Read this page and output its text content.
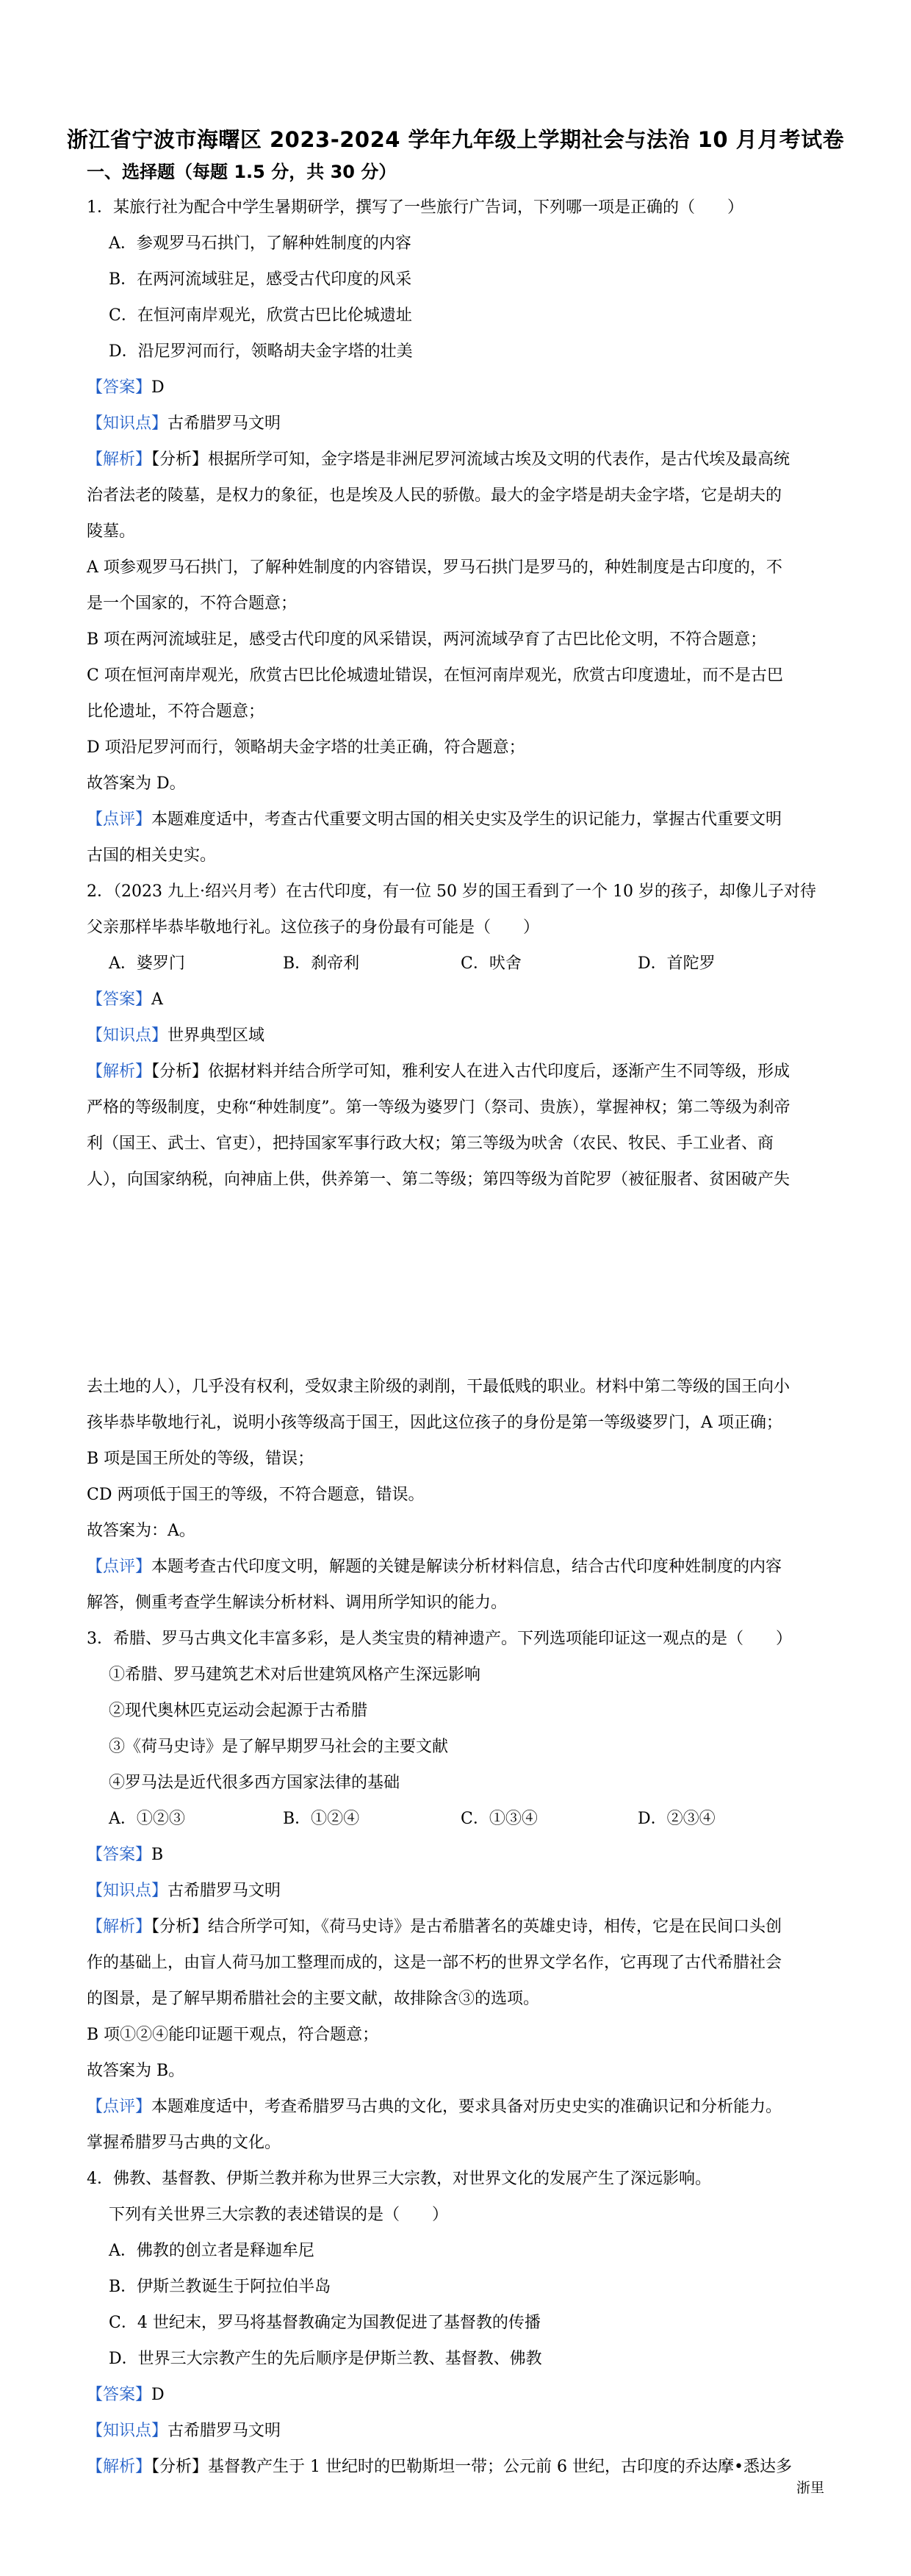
浙江省宁波市海曙区 2023-2024 学年九年级上学期社会与法治 10 月月考试卷
一、选择题（每题 1.5 分，共 30 分）
1．某旅行社为配合中学生暑期研学，撰写了一些旅行广告词，下列哪一项是正确的（　　）
A．参观罗马石拱门，了解种姓制度的内容
B．在两河流域驻足，感受古代印度的风采
C．在恒河南岸观光，欣赏古巴比伦城遗址
D．沿尼罗河而行，领略胡夫金字塔的壮美
【答案】D
【知识点】古希腊罗马文明
【解析】【分析】根据所学可知，金字塔是非洲尼罗河流域古埃及文明的代表作，是古代埃及最高统
治者法老的陵墓，是权力的象征，也是埃及人民的骄傲。最大的金字塔是胡夫金字塔，它是胡夫的
陵墓。
A 项参观罗马石拱门，了解种姓制度的内容错误，罗马石拱门是罗马的，种姓制度是古印度的，不
是一个国家的，不符合题意；
B 项在两河流域驻足，感受古代印度的风采错误，两河流域孕育了古巴比伦文明，不符合题意；
C 项在恒河南岸观光，欣赏古巴比伦城遗址错误，在恒河南岸观光，欣赏古印度遗址，而不是古巴
比伦遗址，不符合题意；
D 项沿尼罗河而行，领略胡夫金字塔的壮美正确，符合题意；
故答案为 D。
【点评】本题难度适中，考查古代重要文明古国的相关史实及学生的识记能力，掌握古代重要文明
古国的相关史实。
2．（2023 九上·绍兴月考）在古代印度，有一位 50 岁的国王看到了一个 10 岁的孩子，却像儿子对待
父亲那样毕恭毕敬地行礼。这位孩子的身份最有可能是（　　）
A．婆罗门	B．刹帝利	C．吠舍	D．首陀罗
【答案】A
【知识点】世界典型区域
【解析】【分析】依据材料并结合所学可知，雅利安人在进入古代印度后，逐渐产生不同等级，形成
严格的等级制度，史称“种姓制度”。第一等级为婆罗门（祭司、贵族），掌握神权；第二等级为刹帝
利（国王、武士、官吏），把持国家军事行政大权；第三等级为吠舍（农民、牧民、手工业者、商
人），向国家纳税，向神庙上供，供养第一、第二等级；第四等级为首陀罗（被征服者、贫困破产失
去土地的人），几乎没有权利，受奴隶主阶级的剥削，干最低贱的职业。材料中第二等级的国王向小
孩毕恭毕敬地行礼，说明小孩等级高于国王，因此这位孩子的身份是第一等级婆罗门，A 项正确；
B 项是国王所处的等级，错误；
CD 两项低于国王的等级，不符合题意，错误。
故答案为：A。
【点评】本题考查古代印度文明，解题的关键是解读分析材料信息，结合古代印度种姓制度的内容
解答，侧重考查学生解读分析材料、调用所学知识的能力。
3．希腊、罗马古典文化丰富多彩，是人类宝贵的精神遗产。下列选项能印证这一观点的是（　　）
①希腊、罗马建筑艺术对后世建筑风格产生深远影响
②现代奥林匹克运动会起源于古希腊
③《荷马史诗》是了解早期罗马社会的主要文献
④罗马法是近代很多西方国家法律的基础
A．①②③	B．①②④	C．①③④	D．②③④
【答案】B
【知识点】古希腊罗马文明
【解析】【分析】结合所学可知，《荷马史诗》是古希腊著名的英雄史诗，相传，它是在民间口头创
作的基础上，由盲人荷马加工整理而成的，这是一部不朽的世界文学名作，它再现了古代希腊社会
的图景，是了解早期希腊社会的主要文献，故排除含③的选项。
B 项①②④能印证题干观点，符合题意；
故答案为 B。
【点评】本题难度适中，考查希腊罗马古典的文化，要求具备对历史史实的准确识记和分析能力。
掌握希腊罗马古典的文化。
4．佛教、基督教、伊斯兰教并称为世界三大宗教，对世界文化的发展产生了深远影响。
下列有关世界三大宗教的表述错误的是（　　）
A．佛教的创立者是释迦牟尼
B．伊斯兰教诞生于阿拉伯半岛
C．4 世纪末，罗马将基督教确定为国教促进了基督教的传播
D．世界三大宗教产生的先后顺序是伊斯兰教、基督教、佛教
【答案】D
【知识点】古希腊罗马文明
【解析】【分析】基督教产生于 1 世纪时的巴勒斯坦一带；公元前 6 世纪，古印度的乔达摩•悉达多
浙里
